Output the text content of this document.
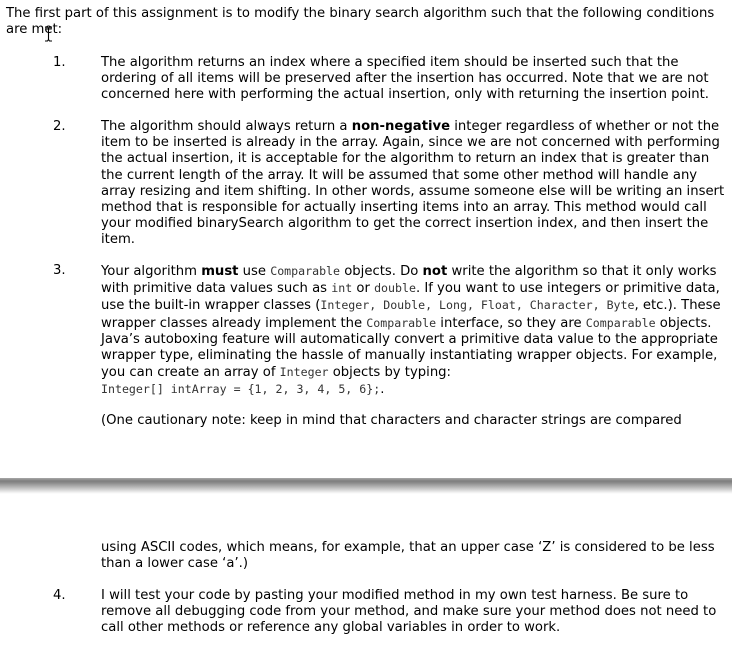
The first part of this assignment is to modify the binary search algorithm such that the following conditions are met:

1.	The algorithm returns an index where a specified item should be inserted such that the ordering of all items will be preserved after the insertion has occurred. Note that we are not concerned here with performing the actual insertion, only with returning the insertion point.

2.	The algorithm should always return a non-negative integer regardless of whether or not the item to be inserted is already in the array. Again, since we are not concerned with performing the actual insertion, it is acceptable for the algorithm to return an index that is greater than the current length of the array. It will be assumed that some other method will handle any array resizing and item shifting. In other words, assume someone else will be writing an insert method that is responsible for actually inserting items into an array. This method would call your modified binarySearch algorithm to get the correct insertion index, and then insert the item.

3.	Your algorithm must use Comparable objects. Do not write the algorithm so that it only works with primitive data values such as int or double. If you want to use integers or primitive data, use the built-in wrapper classes (Integer, Double, Long, Float, Character, Byte, etc.). These wrapper classes already implement the Comparable interface, so they are Comparable objects. Java’s autoboxing feature will automatically convert a primitive data value to the appropriate wrapper type, eliminating the hassle of manually instantiating wrapper objects. For example, you can create an array of Integer objects by typing:
Integer[] intArray = {1, 2, 3, 4, 5, 6};.

(One cautionary note: keep in mind that characters and character strings are compared

using ASCII codes, which means, for example, that an upper case ‘Z’ is considered to be less than a lower case ‘a’.)

4.	I will test your code by pasting your modified method in my own test harness. Be sure to remove all debugging code from your method, and make sure your method does not need to call other methods or reference any global variables in order to work.
